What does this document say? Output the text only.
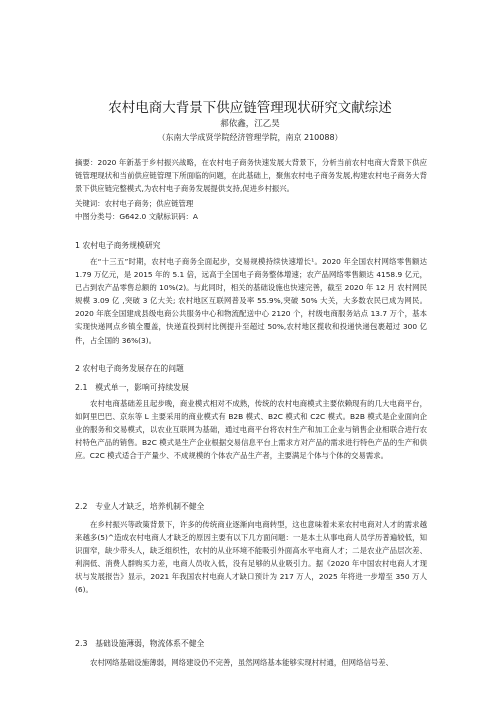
农村电商大背景下供应链管理现状研究文献综述
郝依鑫，江乙昊
（东南大学成贤学院经济管理学院，南京 210088）
摘要：2020 年新基于乡村振兴战略，在农村电子商务快速发展大背景下，分析当前农村电商大背景下供应链管理现状和当前供应链管理下所面临的问题，在此基础上，聚焦农村电子商务发展,构建农村电子商务大背景下供应链完整模式,为农村电子商务发展提供支持,促进乡村振兴。
关键词：农村电子商务；供应链管理
中图分类号：G642.0 文献标识码：A
1 农村电子商务规模研究
在“十三五”时期，农村电子商务全面起步，交易规模持续快速增长¹。2020 年全国农村网络零售额达 1.79 万亿元，是 2015 年的 5.1 倍，远高于全国电子商务整体增速；农产品网络零售额达 4158.9 亿元，已占到农产品零售总额的 10%(2)。与此同时，相关的基础设施也快速完善，截至 2020 年 12 月 农村网民规模 3.09 亿 ,突破 3 亿大关; 农村地区互联网普及率 55.9%,突破 50% 大关，大多数农民已成为网民。2020 年底全国建成县级电商公共服务中心和物流配送中心 2120 个，村级电商服务站点 13.7 万个，基本实现快递网点乡镇全覆盖，快递直投到村比例提升至超过 50%,农村地区揽收和投递快递包裹超过 300 亿件，占全国的 36%(3)。
2 农村电子商务发展存在的问题
2.1　模式单一，影响可持续发展
农村电商基础差且起步晚，商业模式相对不成熟，传统的农村电商模式主要依赖现有的几大电商平台，如阿里巴巴、京东等 L 主要采用的商业模式有 B2B 模式、B2C 模式和 C2C 模式。B2B 模式是企业面向企业的服务和交易模式，以农业互联网为基础，通过电商平台将农村生产和加工企业与销售企业相联合进行农村特色产品的销售。B2C 模式是生产企业根据交易信息平台上需求方对产品的需求进行特色产品的生产和供应。C2C 模式适合于产量少、不成规模的个体农产品生产者，主要满足个体与个体的交易需求。
2.2　专业人才缺乏，培养机制不健全
在乡村振兴等政策背景下，许多的传统商业逐渐向电商转型，这也意味着未来农村电商对人才的需求越来越多(5)^造成农村电商人才缺乏的原因主要有以下几方面问题：一是本土从事电商人员学历普遍较低，知识面窄，缺少带头人，缺乏组织性，农村的从业环境不能吸引外面高水平电商人才；二是农业产品层次差、利润低、消费人群购买力差，电商人员收入低，没有足够的从业吸引力。据《2020 年中国农村电商人才现状与发展报告》显示，2021 年我国农村电商人才缺口预计为 217 万人，2025 年将进一步增至 350 万人(6)。
2.3　基础设施薄弱，物流体系不健全
农村网络基础设施薄弱，网络建设仍不完善，虽然网络基本能够实现村村通，但网络信号差、
